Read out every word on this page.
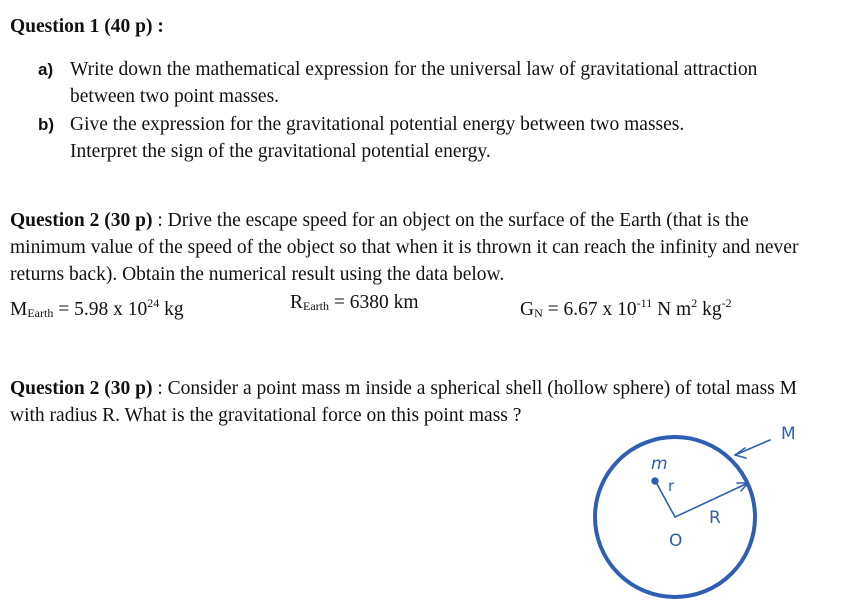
Question 1 (40 p) :
a) Write down the mathematical expression for the universal law of gravitational attraction
between two point masses.
b) Give the expression for the gravitational potential energy between two masses.
Interpret the sign of the gravitational potential energy.
Question 2 (30 p) : Drive the escape speed for an object on the surface of the Earth (that is the
minimum value of the speed of the object so that when it is thrown it can reach the infinity and never
returns back). Obtain the numerical result using the data below.
MEarth = 5.98 x $10^{24}$ kg	REarth = 6380 km	GN = 6.67 x $10^{-11}$ N $m^2$ $kg^{-2}$
Question 2 (30 p) : Consider a point mass m inside a spherical shell (hollow sphere) of total mass M
with radius R. What is the gravitational force on this point mass ?
M
m
r
R
O
